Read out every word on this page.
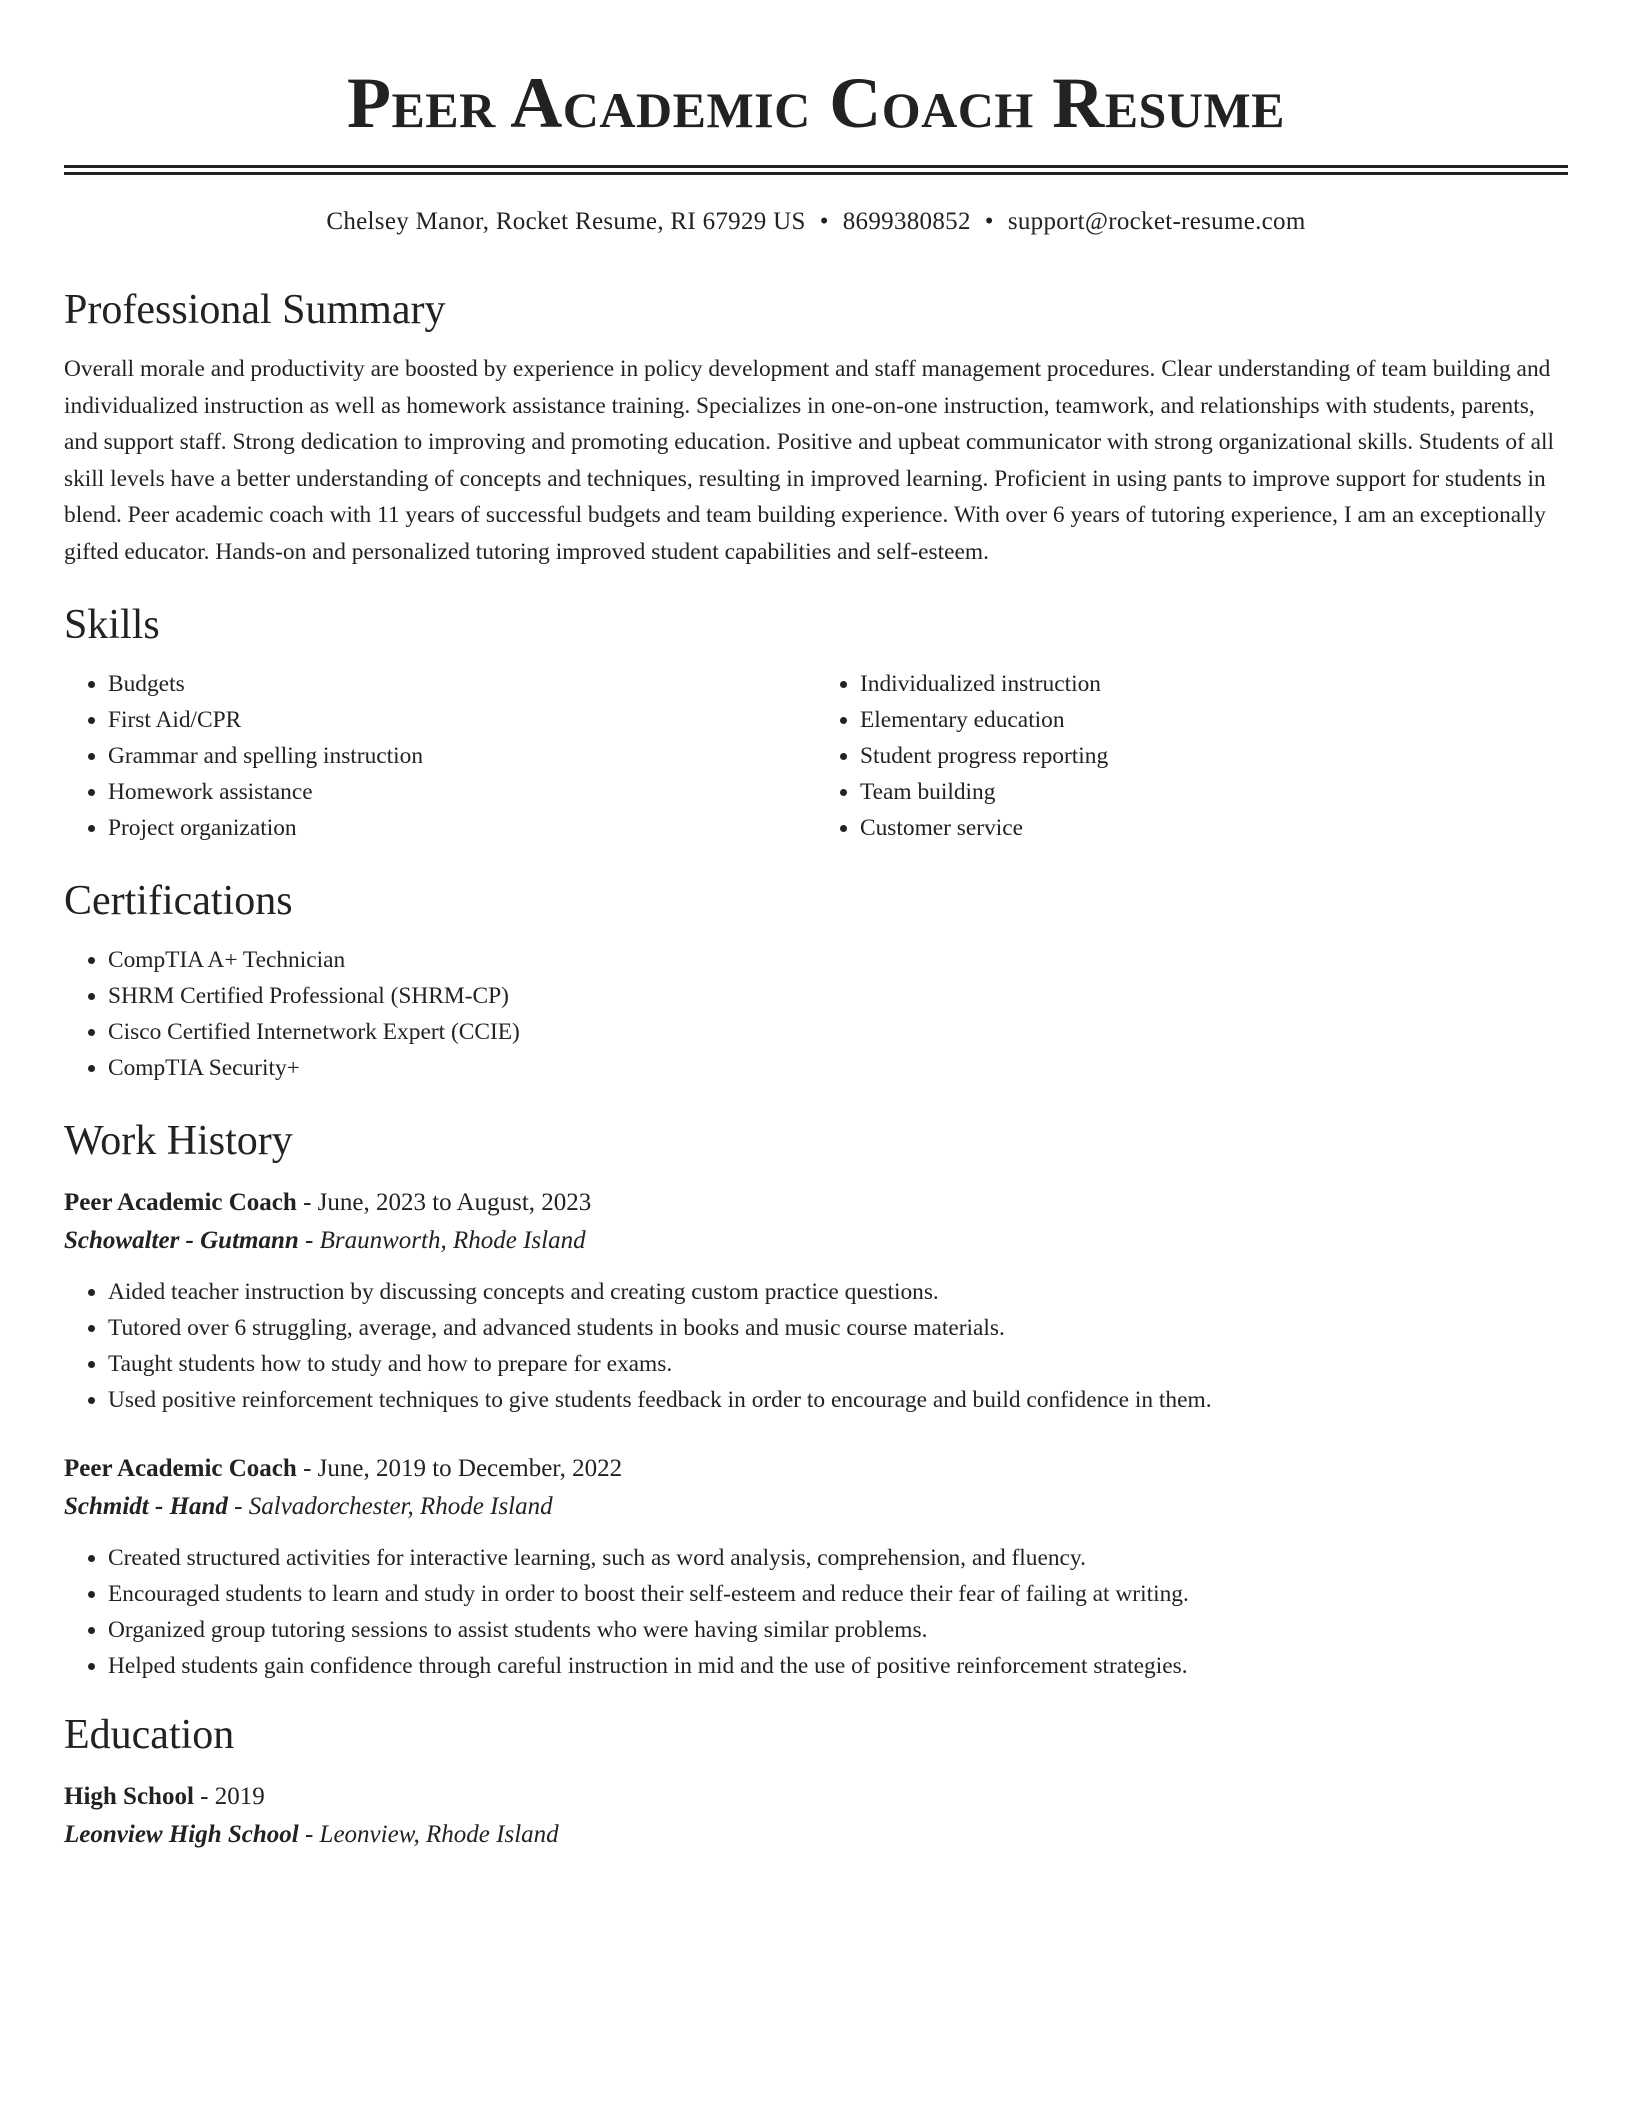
Peer Academic Coach Resume
Chelsey Manor, Rocket Resume, RI 67929 US • 8699380852 • support@rocket-resume.com
Professional Summary

Overall morale and productivity are boosted by experience in policy development and staff management procedures. Clear understanding of team building and individualized instruction as well as homework assistance training. Specializes in one-on-one instruction, teamwork, and relationships with students, parents, and support staff. Strong dedication to improving and promoting education. Positive and upbeat communicator with strong organizational skills. Students of all skill levels have a better understanding of concepts and techniques, resulting in improved learning. Proficient in using pants to improve support for students in blend. Peer academic coach with 11 years of successful budgets and team building experience. With over 6 years of tutoring experience, I am an exceptionally gifted educator. Hands-on and personalized tutoring improved student capabilities and self-esteem.

Skills
• Budgets
• First Aid/CPR
• Grammar and spelling instruction
• Homework assistance
• Project organization
• Individualized instruction
• Elementary education
• Student progress reporting
• Team building
• Customer service
Certifications
• CompTIA A+ Technician
• SHRM Certified Professional (SHRM-CP)
• Cisco Certified Internetwork Expert (CCIE)
• CompTIA Security+
Work History
Peer Academic Coach - June, 2023 to August, 2023
Schowalter - Gutmann - Braunworth, Rhode Island
• Aided teacher instruction by discussing concepts and creating custom practice questions.
• Tutored over 6 struggling, average, and advanced students in books and music course materials.
• Taught students how to study and how to prepare for exams.
• Used positive reinforcement techniques to give students feedback in order to encourage and build confidence in them.
Peer Academic Coach - June, 2019 to December, 2022
Schmidt - Hand - Salvadorchester, Rhode Island
• Created structured activities for interactive learning, such as word analysis, comprehension, and fluency.
• Encouraged students to learn and study in order to boost their self-esteem and reduce their fear of failing at writing.
• Organized group tutoring sessions to assist students who were having similar problems.
• Helped students gain confidence through careful instruction in mid and the use of positive reinforcement strategies.
Education
High School - 2019
Leonview High School - Leonview, Rhode Island
